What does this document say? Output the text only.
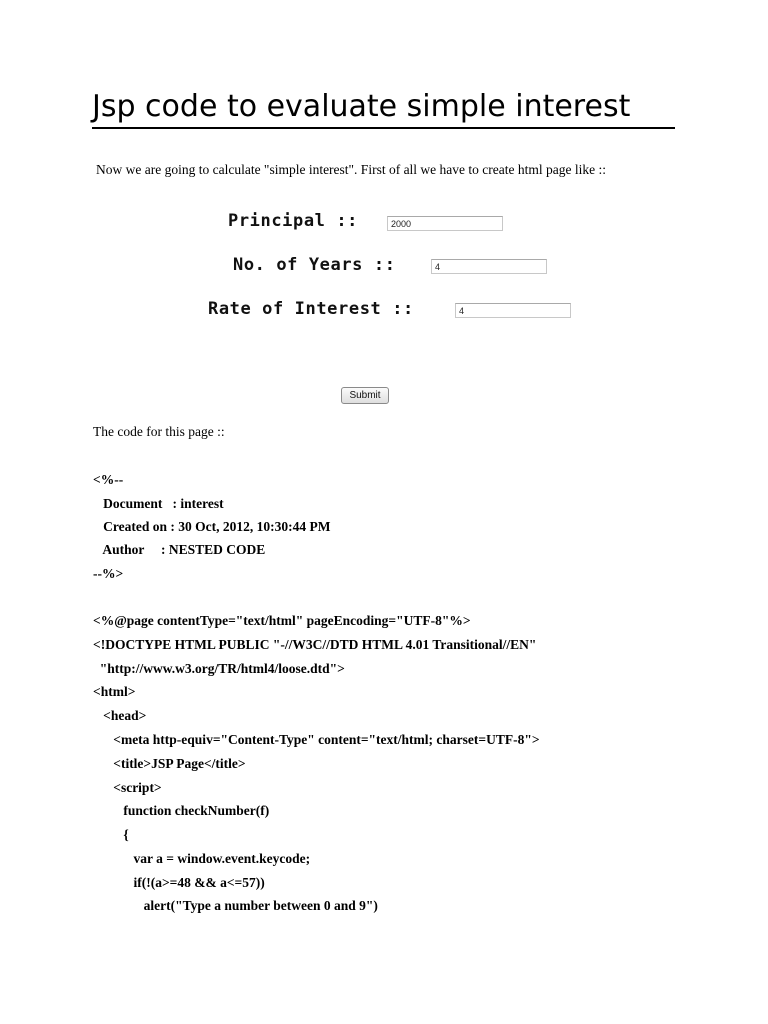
Jsp code to evaluate simple interest
Now we are going to calculate "simple interest". First of all we have to create html page like ::
Principal ::	2000
No. of Years ::	4
Rate of Interest ::	4
Submit
The code for this page ::
<%--
Document   : interest
Created on : 30 Oct, 2012, 10:30:44 PM
Author     : NESTED CODE
--%>
<%@page contentType="text/html" pageEncoding="UTF-8"%>
<!DOCTYPE HTML PUBLIC "-//W3C//DTD HTML 4.01 Transitional//EN"
"http://www.w3.org/TR/html4/loose.dtd">
<html>
<head>
<meta http-equiv="Content-Type" content="text/html; charset=UTF-8">
<title>JSP Page</title>
<script>
function checkNumber(f)
{
var a = window.event.keycode;
if(!(a>=48 && a<=57))
alert("Type a number between 0 and 9")
